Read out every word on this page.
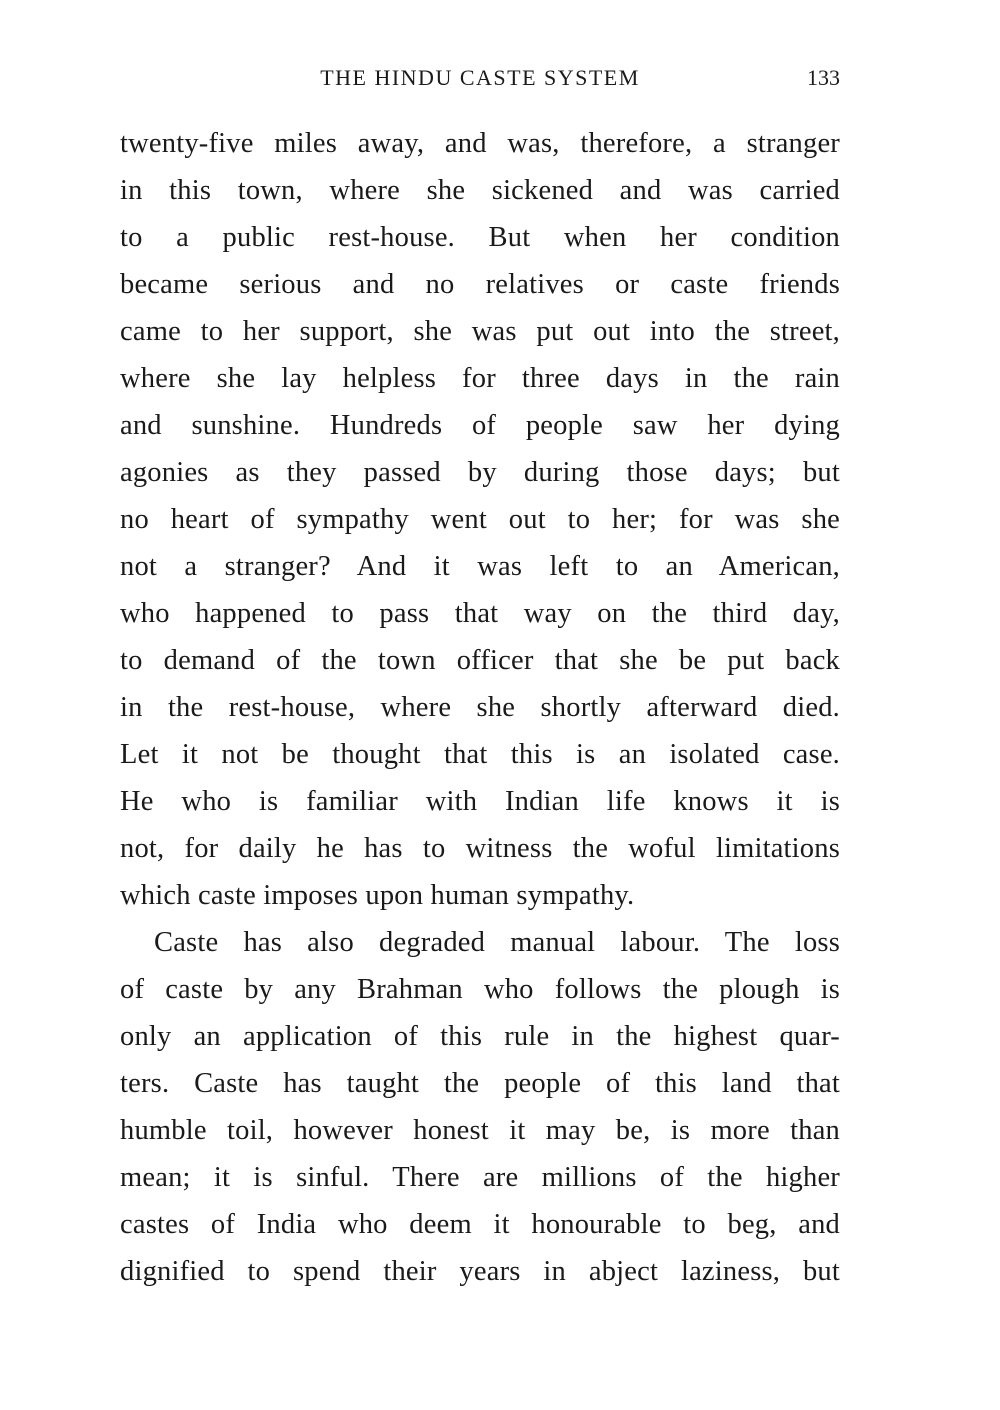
THE HINDU CASTE SYSTEM	133
twenty-five miles away, and was, therefore, a stranger
in this town, where she sickened and was carried
to a public rest-house. But when her condition
became serious and no relatives or caste friends
came to her support, she was put out into the street,
where she lay helpless for three days in the rain
and sunshine. Hundreds of people saw her dying
agonies as they passed by during those days; but
no heart of sympathy went out to her; for was she
not a stranger? And it was left to an American,
who happened to pass that way on the third day,
to demand of the town officer that she be put back
in the rest-house, where she shortly afterward died.
Let it not be thought that this is an isolated case.
He who is familiar with Indian life knows it is
not, for daily he has to witness the woful limitations
which caste imposes upon human sympathy.
Caste has also degraded manual labour. The loss
of caste by any Brahman who follows the plough is
only an application of this rule in the highest quar-
ters. Caste has taught the people of this land that
humble toil, however honest it may be, is more than
mean; it is sinful. There are millions of the higher
castes of India who deem it honourable to beg, and
dignified to spend their years in abject laziness, but
